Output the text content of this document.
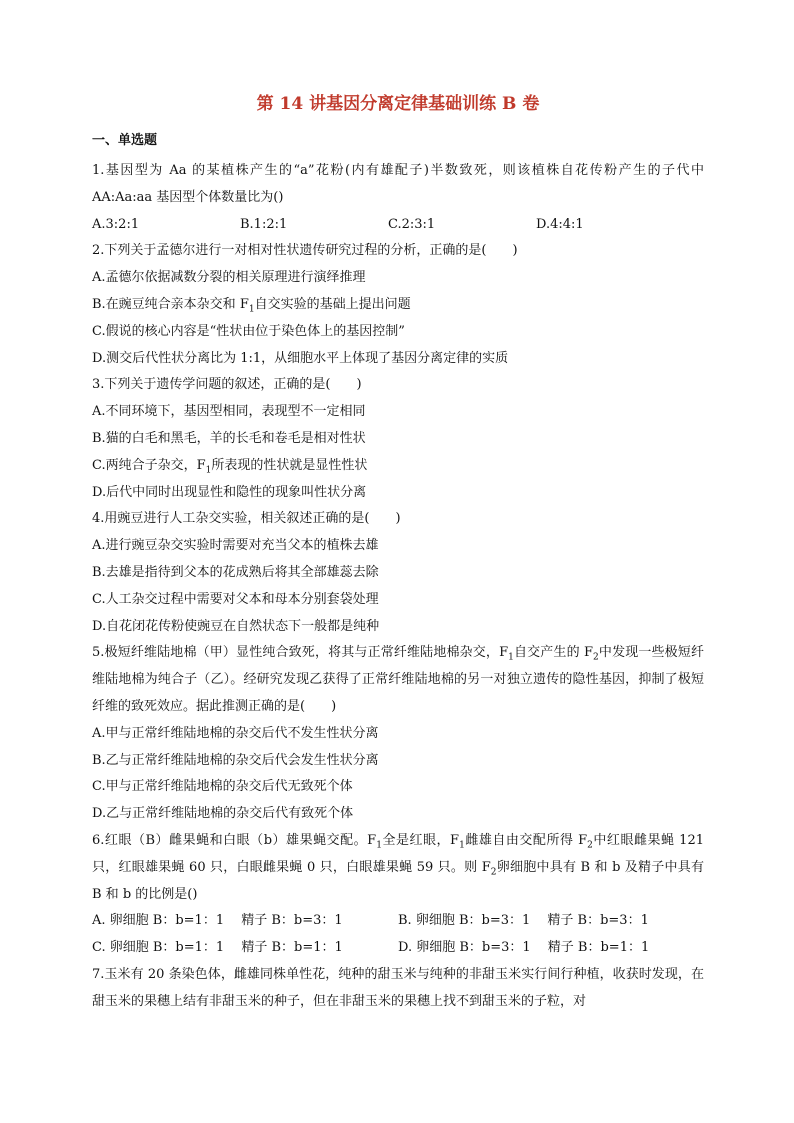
第 14 讲基因分离定律基础训练 B 卷
一、单选题

1.基因型为 Aa 的某植株产生的“a”花粉(内有雄配子)半数致死，则该植株自花传粉产生的子代中 AA:Aa:aa 基因型个体数量比为()

A.3:2:1	B.1:2:1	C.2:3:1	D.4:4:1

2.下列关于孟德尔进行一对相对性状遗传研究过程的分析，正确的是(　　)

A.孟德尔依据减数分裂的相关原理进行演绎推理

B.在豌豆纯合亲本杂交和 $F_1$自交实验的基础上提出问题

C.假说的核心内容是“性状由位于染色体上的基因控制”

D.测交后代性状分离比为 1:1，从细胞水平上体现了基因分离定律的实质

3.下列关于遗传学问题的叙述，正确的是(　　)

A.不同环境下，基因型相同，表现型不一定相同

B.猫的白毛和黑毛，羊的长毛和卷毛是相对性状

C.两纯合子杂交，$F_1$所表现的性状就是显性性状

D.后代中同时出现显性和隐性的现象叫性状分离

4.用豌豆进行人工杂交实验，相关叙述正确的是(　　)

A.进行豌豆杂交实验时需要对充当父本的植株去雄

B.去雄是指待到父本的花成熟后将其全部雄蕊去除

C.人工杂交过程中需要对父本和母本分别套袋处理

D.自花闭花传粉使豌豆在自然状态下一般都是纯种

5.极短纤维陆地棉（甲）显性纯合致死，将其与正常纤维陆地棉杂交，$F_1$自交产生的 $F_2$中发现一些极短纤维陆地棉为纯合子（乙）。经研究发现乙获得了正常纤维陆地棉的另一对独立遗传的隐性基因，抑制了极短纤维的致死效应。据此推测正确的是(　　)

A.甲与正常纤维陆地棉的杂交后代不发生性状分离

B.乙与正常纤维陆地棉的杂交后代会发生性状分离

C.甲与正常纤维陆地棉的杂交后代无致死个体

D.乙与正常纤维陆地棉的杂交后代有致死个体

6.红眼（B）雌果蝇和白眼（b）雄果蝇交配。$F_1$全是红眼，$F_1$雌雄自由交配所得 $F_2$中红眼雌果蝇 121 只，红眼雄果蝇 60 只，白眼雌果蝇 0 只，白眼雄果蝇 59 只。则 $F_2$卵细胞中具有 B 和 b 及精子中具有 B 和 b 的比例是()

A. 卵细胞 B：b=1：1　 精子 B：b=3：1	B. 卵细胞 B：b=3：1　 精子 B：b=3：1
C. 卵细胞 B：b=1：1　 精子 B：b=1：1	D. 卵细胞 B：b=3：1　 精子 B：b=1：1

7.玉米有 20 条染色体，雌雄同株单性花，纯种的甜玉米与纯种的非甜玉米实行间行种植，收获时发现，在甜玉米的果穗上结有非甜玉米的种子，但在非甜玉米的果穗上找不到甜玉米的子粒，对
